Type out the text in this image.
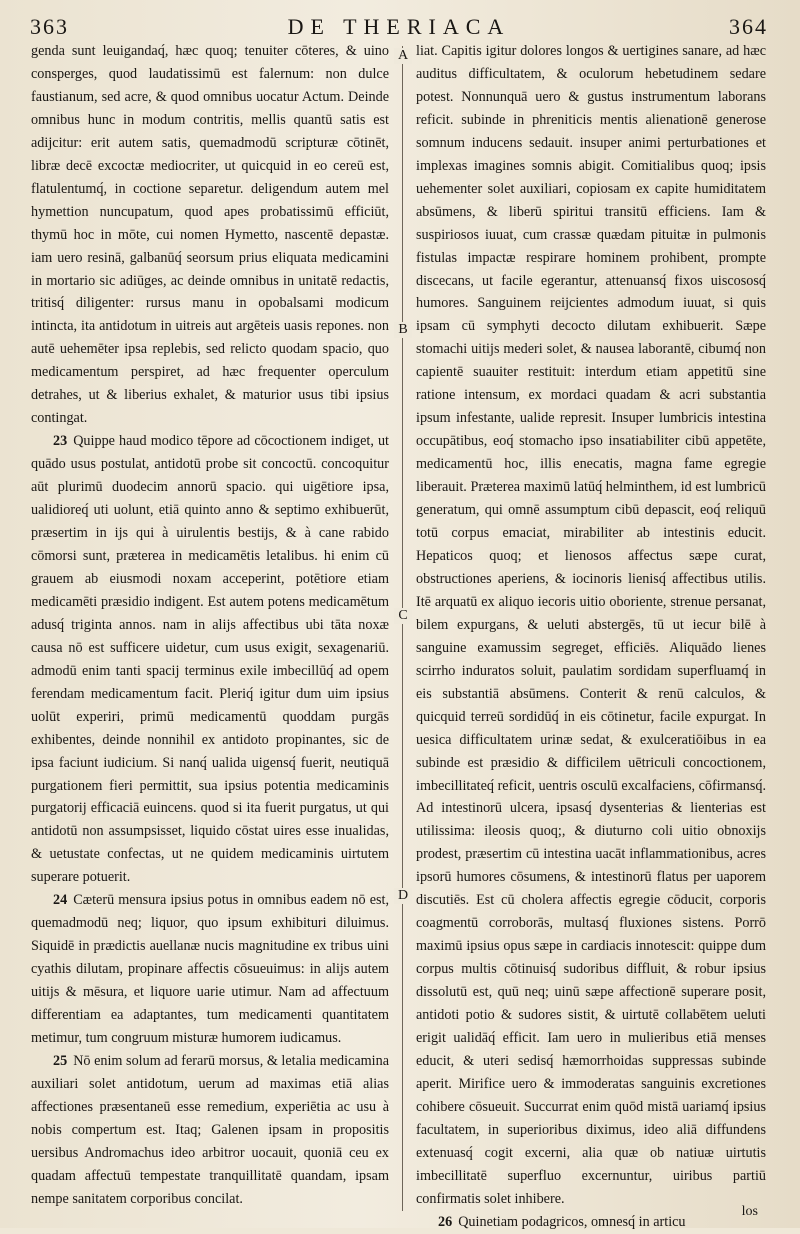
363	DE THERIACA	364

genda sunt leuigandaq́, hæc quoq; tenuiter cōteres, & uino consperges, quod laudatissimū est falernum: non dulce faustianum, sed acre, & quod omnibus uocatur Actum. Deinde omnibus hunc in modum contritis, mellis quantū satis est adijcitur: erit autem satis, quemadmodū scripturæ cōtinēt, libræ decē excoctæ mediocriter, ut quicquid in eo cereū est, flatulentumq́, in coctione separetur. deligendum autem mel hymettion nuncupatum, quod apes probatissimū efficiūt, thymū hoc in mōte, cui nomen Hymetto, nascentē depastæ. iam uero resinā, galbanūq́ seorsum prius eliquata medicamini in mortario sic adiūges, ac deinde omnibus in unitatē redactis, tritisq́ diligenter: rursus manu in opobalsami modicum intincta, ita antidotum in uitreis aut argēteis uasis repones. non autē uehemēter ipsa replebis, sed relicto quodam spacio, quo medicamentum perspiret, ad hæc frequenter operculum detrahes, ut & liberius exhalet, & maturior usus tibi ipsius contingat.

23 Quippe haud modico tēpore ad cōcoctionem indiget, ut quādo usus postulat, antidotū probe sit concoctū. concoquitur aūt plurimū duodecim annorū spacio. qui uigētiore ipsa, ualidioreq́ uti uolunt, etiā quinto anno & septimo exhibuerūt, præsertim in ijs qui à uirulentis bestijs, & à cane rabido cōmorsi sunt, præterea in medicamētis letalibus. hi enim cū grauem ab eiusmodi noxam acceperint, potētiore etiam medicamēti præsidio indigent. Est autem potens medicamētum adusq́ triginta annos. nam in alijs affectibus ubi tāta noxæ causa nō est sufficere uidetur, cum usus exigit, sexagenariū. admodū enim tanti spacij terminus exile imbecillūq́ ad opem ferendam medicamentum facit. Pleriq́ igitur dum uim ipsius uolūt experiri, primū medicamentū quoddam purgās exhibentes, deinde nonnihil ex antidoto propinantes, sic de ipsa faciunt iudicium. Si nanq́ ualida uigensq́ fuerit, neutiquā purgationem fieri permittit, sua ipsius potentia medicaminis purgatorij efficaciā euincens. quod si ita fuerit purgatus, ut qui antidotū non assumpsisset, liquido cōstat uires esse inualidas, & uetustate confectas, ut ne quidem medicaminis uirtutem superare potuerit.

24 Cæterū mensura ipsius potus in omnibus eadem nō est, quemadmodū neq; liquor, quo ipsum exhibituri diluimus. Siquidē in prædictis auellanæ nucis magnitudine ex tribus uini cyathis dilutam, propinare affectis cōsueuimus: in alijs autem uitijs & mēsura, et liquore uarie utimur. Nam ad affectuum differentiam ea adaptantes, tum medicamenti quantitatem metimur, tum congruum misturæ humorem iudicamus.

25 Nō enim solum ad ferarū morsus, & letalia medicamina auxiliari solet antidotum, uerum ad maximas etiā alias affectiones præsentaneū esse remedium, experiētia ac usu à nobis compertum est. Itaq; Galenen ipsam in propositis uersibus Andromachus ideo arbitror uocauit, quoniā ceu ex quadam affectuū tempestate tranquillitatē quandam, ipsam nempe sanitatem corporibus concilat.

A
B
C
D

liat. Capitis igitur dolores longos & uertigines sanare, ad hæc auditus difficultatem, & oculorum hebetudinem sedare potest. Nonnunquā uero & gustus instrumentum laborans reficit. subinde in phreniticis mentis alienationē generose somnum inducens sedauit. insuper animi perturbationes et implexas imagines somnis abigit. Comitialibus quoq; ipsis uehementer solet auxiliari, copiosam ex capite humiditatem absūmens, & liberū spiritui transitū efficiens. Iam & suspiriosos iuuat, cum crassæ quædam pituitæ in pulmonis fistulas impactæ respirare hominem prohibent, prompte discecans, ut facile egerantur, attenuansq́ fixos uiscososq́ humores. Sanguinem reijcientes admodum iuuat, si quis ipsam cū symphyti decocto dilutam exhibuerit. Sæpe stomachi uitijs mederi solet, & nausea laborantē, cibumq́ non capientē suauiter restituit: interdum etiam appetitū sine ratione intensum, ex mordaci quadam & acri substantia ipsum infestante, ualide represit. Insuper lumbricis intestina occupātibus, eoq́ stomacho ipso insatiabiliter cibū appetēte, medicamentū hoc, illis enecatis, magna fame egregie liberauit. Præterea maximū latūq́ helminthem, id est lumbricū generatum, qui omnē assumptum cibū depascit, eoq́ reliquū totū corpus emaciat, mirabiliter ab intestinis educit. Hepaticos quoq; et lienosos affectus sæpe curat, obstructiones aperiens, & iocinoris lienisq́ affectibus utilis. Itē arquatū ex aliquo iecoris uitio oboriente, strenue persanat, bilem expurgans, & ueluti abstergēs, tū ut iecur bilē à sanguine examussim segreget, efficiēs. Aliquādo lienes scirrho induratos soluit, paulatim sordidam superfluamq́ in eis substantiā absūmens. Conterit & renū calculos, & quicquid terreū sordidūq́ in eis cōtinetur, facile expurgat. In uesica difficultatem urinæ sedat, & exulceratiōibus in ea subinde est præsidio & difficilem uētriculi concoctionem, imbecillitateq́ reficit, uentris osculū excalfaciens, cōfirmansq́. Ad intestinorū ulcera, ipsasq́ dysenterias & lienterias est utilissima: ileosis quoq;, & diuturno coli uitio obnoxijs prodest, præsertim cū intestina uacāt inflammationibus, acres ipsorū humores cōsumens, & intestinorū flatus per uaporem discutiēs. Est cū cholera affectis egregie cōducit, corporis coagmentū corroborās, multasq́ fluxiones sistens. Porrō maximū ipsius opus sæpe in cardiacis innotescit: quippe dum corpus multis cōtinuisq́ sudoribus diffluit, & robur ipsius dissolutū est, quū neq; uinū sæpe affectionē superare posit, antidoti potio & sudores sistit, & uirtutē collabētem ueluti erigit ualidāq́ efficit. Iam uero in mulieribus etiā menses educit, & uteri sedisq́ hæmorrhoidas suppressas subinde aperit. Mirifice uero & immoderatas sanguinis excretiones cohibere cōsueuit. Succurrat enim quōd mistā uariamq́ ipsius facultatem, in superioribus diximus, ideo aliā diffundens extenuasq́ cogit excerni, alia quæ ob natiuæ uirtutis imbecillitatē superfluo excernuntur, uiribus partiū confirmatis solet inhibere.

26 Quinetiam podagricos, omnesq́ in articu

los
